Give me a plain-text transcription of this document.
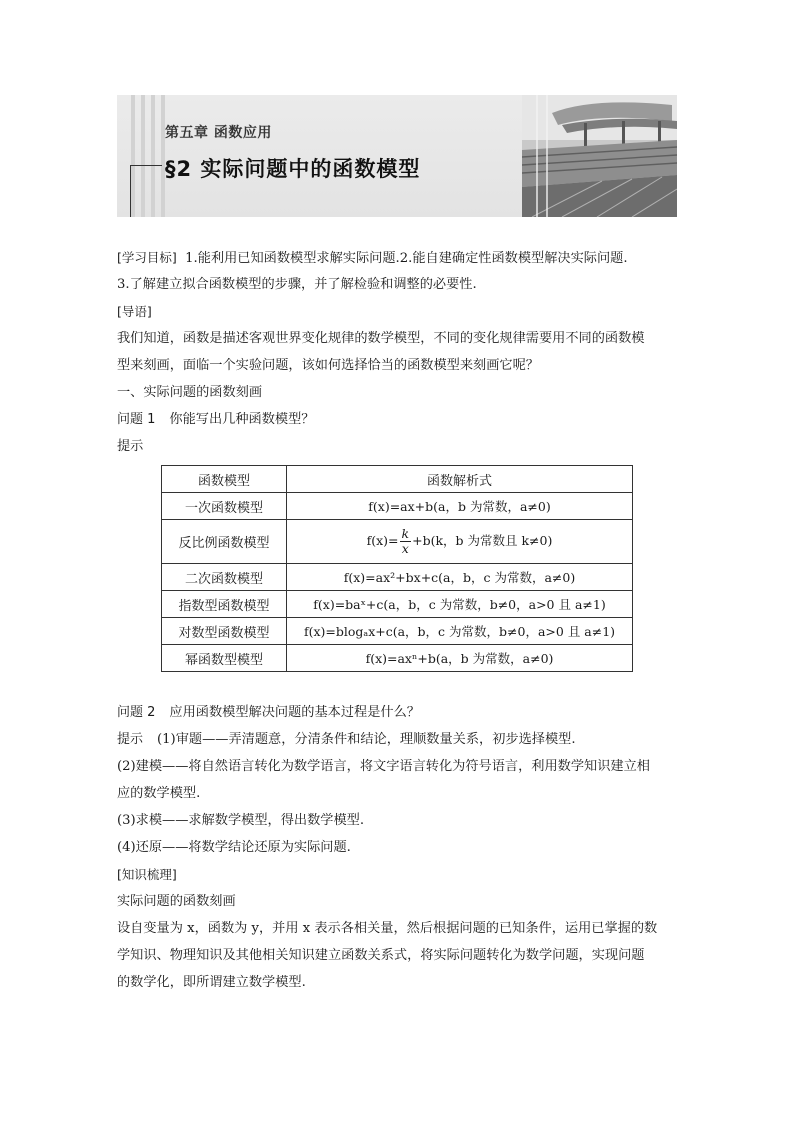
第五章 函数应用
§2 实际问题中的函数模型

[学习目标] 1.能利用已知函数模型求解实际问题.2.能自建确定性函数模型解决实际问题.

3.了解建立拟合函数模型的步骤，并了解检验和调整的必要性.

[导语]

我们知道，函数是描述客观世界变化规律的数学模型，不同的变化规律需要用不同的函数模

型来刻画，面临一个实验问题，该如何选择恰当的函数模型来刻画它呢？

一、实际问题的函数刻画

问题 1 你能写出几种函数模型？

提示

函数模型	函数解析式
一次函数模型	f(x)=ax+b(a，b 为常数，a≠0)
反比例函数模型	$f(x)= \frac{k}{x} +b(k$，b 为常数且 k≠0)
二次函数模型	f(x)=ax²+bx+c(a，b，c 为常数，a≠0)
指数型函数模型	f(x)=baˣ+c(a，b，c 为常数，b≠0，a>0 且 a≠1)
对数型函数模型	f(x)=blogₐx+c(a，b，c 为常数，b≠0，a>0 且 a≠1)
幂函数型模型	f(x)=axⁿ+b(a，b 为常数，a≠0)

问题 2 应用函数模型解决问题的基本过程是什么？

提示 (1)审题——弄清题意，分清条件和结论，理顺数量关系，初步选择模型.

(2)建模——将自然语言转化为数学语言，将文字语言转化为符号语言，利用数学知识建立相

应的数学模型.

(3)求模——求解数学模型，得出数学模型.

(4)还原——将数学结论还原为实际问题.

[知识梳理]

实际问题的函数刻画

设自变量为 x，函数为 y，并用 x 表示各相关量，然后根据问题的已知条件，运用已掌握的数

学知识、物理知识及其他相关知识建立函数关系式，将实际问题转化为数学问题，实现问题

的数学化，即所谓建立数学模型.
